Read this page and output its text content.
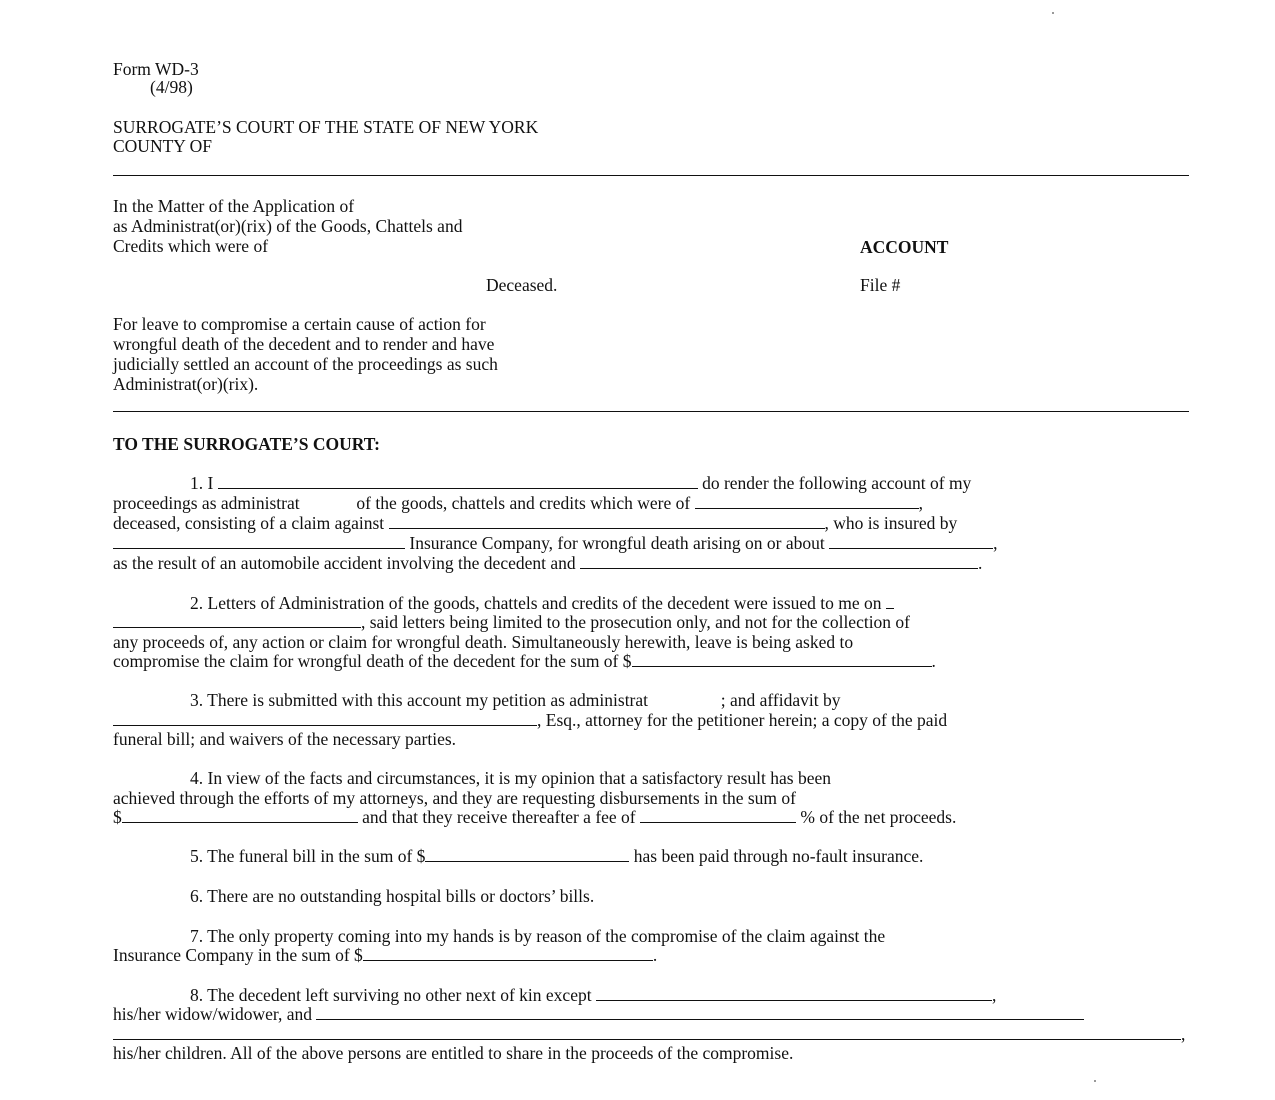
Form WD-3
(4/98)
SURROGATE’S COURT OF THE STATE OF NEW YORK
COUNTY OF
In the Matter of the Application of
as Administrat(or)(rix) of the Goods, Chattels and
Credits which were of	ACCOUNT
Deceased.	File #
For leave to compromise a certain cause of action for
wrongful death of the decedent and to render and have
judicially settled an account of the proceedings as such
Administrat(or)(rix).
TO THE SURROGATE’S COURT:
1. I	do render the following account of my
proceedings as administrat	of the goods, chattels and credits which were of	,
deceased, consisting of a claim against	, who is insured by
Insurance Company, for wrongful death arising on or about	,
as the result of an automobile accident involving the decedent and	.
2. Letters of Administration of the goods, chattels and credits of the decedent were issued to me on
, said letters being limited to the prosecution only, and not for the collection of
any proceeds of, any action or claim for wrongful death. Simultaneously herewith, leave is being asked to
compromise the claim for wrongful death of the decedent for the sum of $	.
3. There is submitted with this account my petition as administrat	; and affidavit by
, Esq., attorney for the petitioner herein; a copy of the paid
funeral bill; and waivers of the necessary parties.
4. In view of the facts and circumstances, it is my opinion that a satisfactory result has been
achieved through the efforts of my attorneys, and they are requesting disbursements in the sum of
$	and that they receive thereafter a fee of	% of the net proceeds.
5. The funeral bill in the sum of $	has been paid through no-fault insurance.
6. There are no outstanding hospital bills or doctors’ bills.
7. The only property coming into my hands is by reason of the compromise of the claim against the
Insurance Company in the sum of $	.
8. The decedent left surviving no other next of kin except	,
his/her widow/widower, and
,
his/her children. All of the above persons are entitled to share in the proceeds of the compromise.
